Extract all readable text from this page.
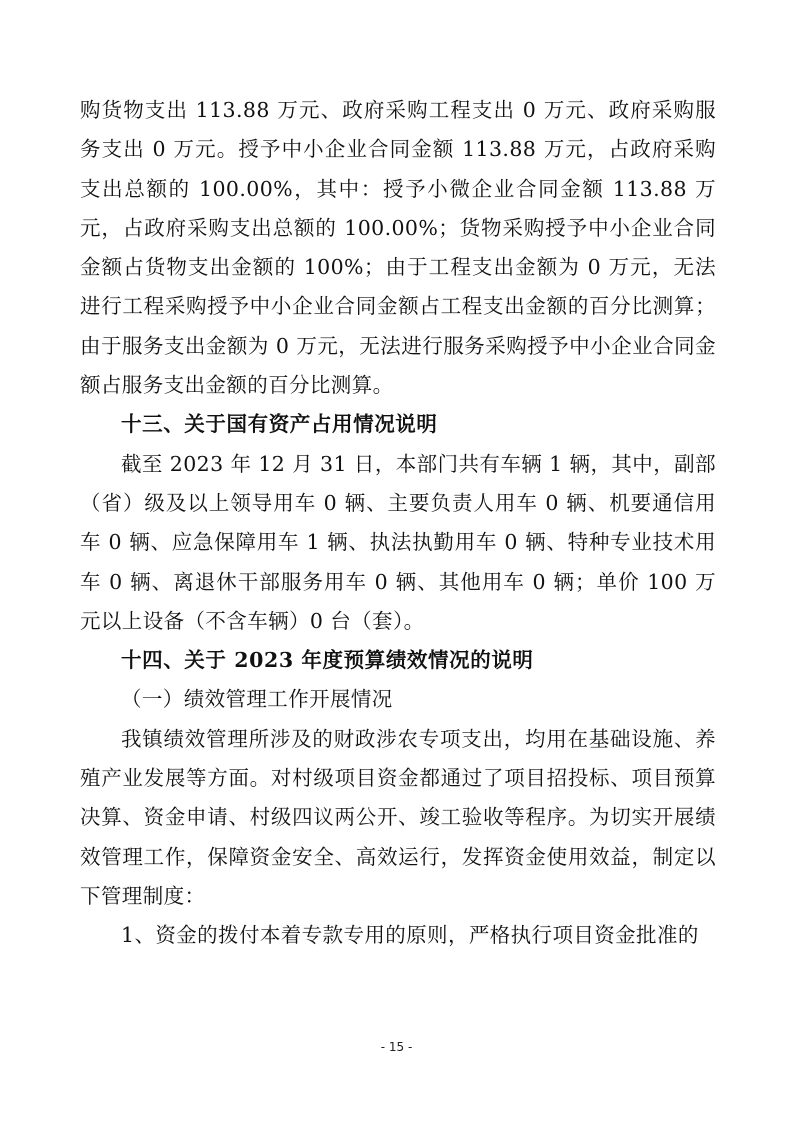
购货物支出 113.88 万元、政府采购工程支出 0 万元、政府采购服务支出 0 万元。授予中小企业合同金额 113.88 万元，占政府采购支出总额的 100.00%，其中：授予小微企业合同金额 113.88 万元，占政府采购支出总额的 100.00%；货物采购授予中小企业合同金额占货物支出金额的 100%；由于工程支出金额为 0 万元，无法进行工程采购授予中小企业合同金额占工程支出金额的百分比测算；由于服务支出金额为 0 万元，无法进行服务采购授予中小企业合同金额占服务支出金额的百分比测算。

十三、关于国有资产占用情况说明

截至 2023 年 12 月 31 日，本部门共有车辆 1 辆，其中，副部（省）级及以上领导用车 0 辆、主要负责人用车 0 辆、机要通信用车 0 辆、应急保障用车 1 辆、执法执勤用车 0 辆、特种专业技术用车 0 辆、离退休干部服务用车 0 辆、其他用车 0 辆；单价 100 万元以上设备（不含车辆）0 台（套）。

十四、关于 2023 年度预算绩效情况的说明

（一）绩效管理工作开展情况

我镇绩效管理所涉及的财政涉农专项支出，均用在基础设施、养殖产业发展等方面。对村级项目资金都通过了项目招投标、项目预算决算、资金申请、村级四议两公开、竣工验收等程序。为切实开展绩效管理工作，保障资金安全、高效运行，发挥资金使用效益，制定以下管理制度：

1、资金的拨付本着专款专用的原则，严格执行项目资金批准的

- 15 -
